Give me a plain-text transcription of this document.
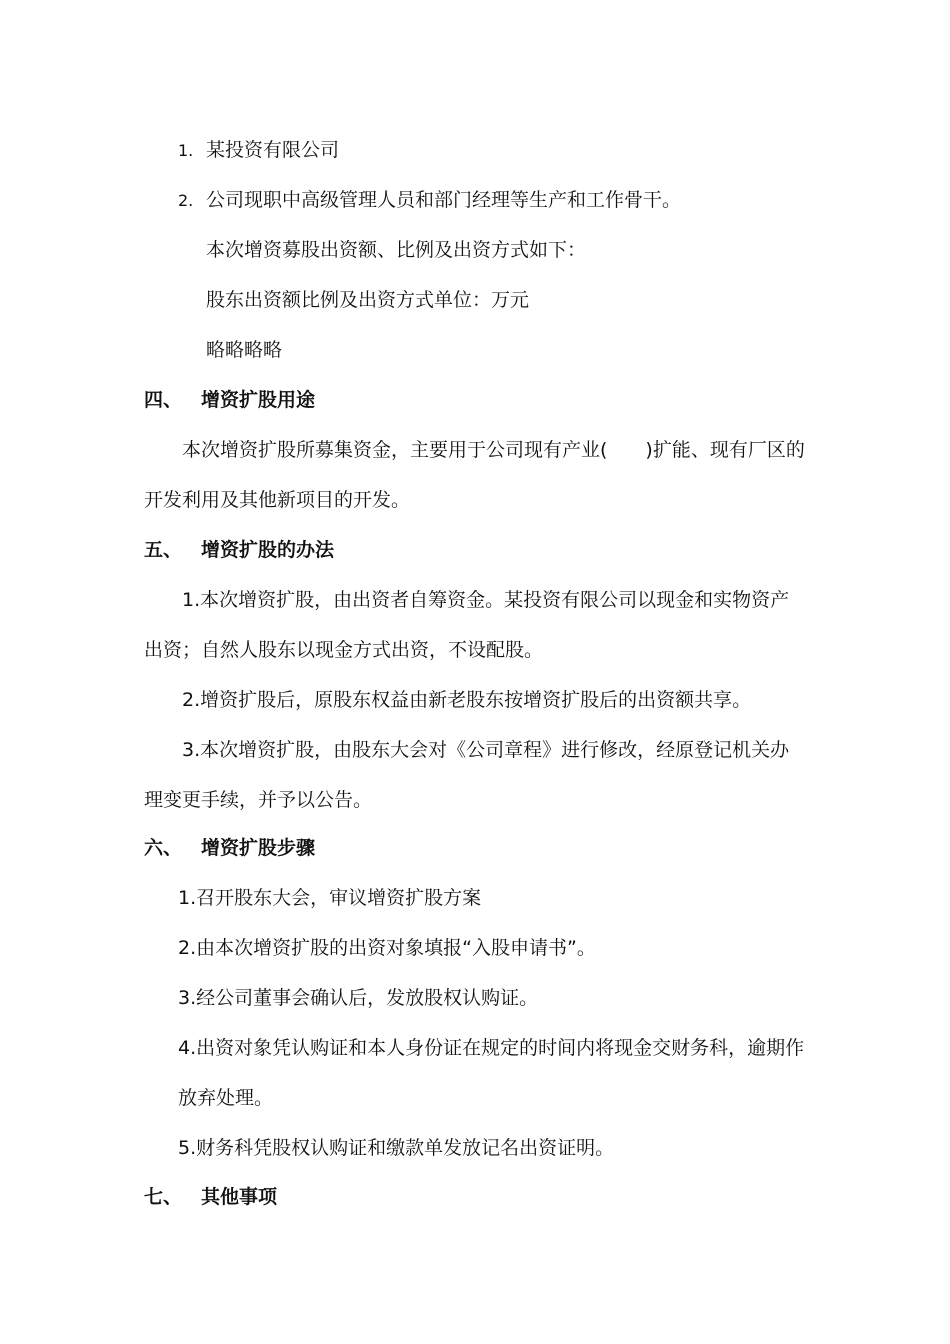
1. 某投资有限公司
2. 公司现职中高级管理人员和部门经理等生产和工作骨干。
本次增资募股出资额、比例及出资方式如下：
股东出资额比例及出资方式单位：万元
略略略略
四、 增资扩股用途
本次增资扩股所募集资金，主要用于公司现有产业(　　)扩能、现有厂区的
开发利用及其他新项目的开发。
五、 增资扩股的办法
1.本次增资扩股，由出资者自筹资金。某投资有限公司以现金和实物资产
出资；自然人股东以现金方式出资，不设配股。
2.增资扩股后，原股东权益由新老股东按增资扩股后的出资额共享。
3.本次增资扩股，由股东大会对《公司章程》进行修改，经原登记机关办
理变更手续，并予以公告。
六、 增资扩股步骤
1.召开股东大会，审议增资扩股方案
2.由本次增资扩股的出资对象填报“入股申请书”。
3.经公司董事会确认后，发放股权认购证。
4.出资对象凭认购证和本人身份证在规定的时间内将现金交财务科，逾期作
放弃处理。
5.财务科凭股权认购证和缴款单发放记名出资证明。
七、 其他事项
